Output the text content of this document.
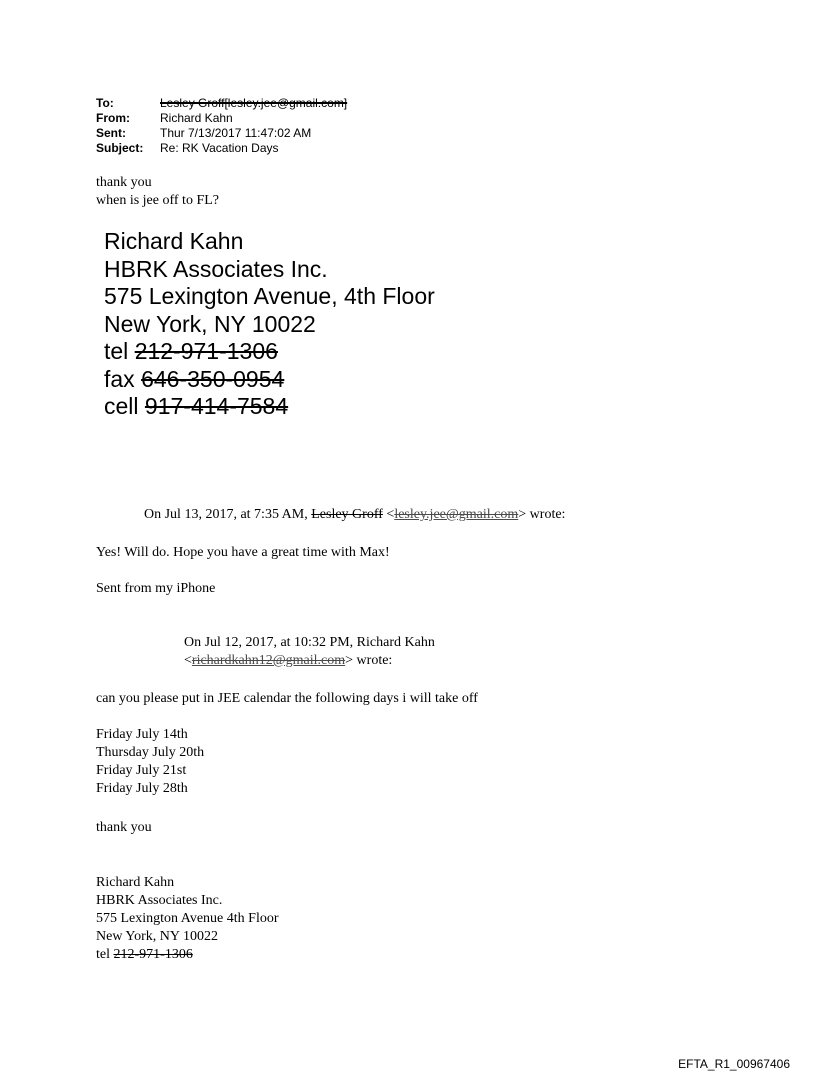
To:	Lesley Groff[lesley.jee@gmail.com]
From:	Richard Kahn
Sent:	Thur 7/13/2017 11:47:02 AM
Subject:	Re: RK Vacation Days
thank you
when is jee off to FL?
Richard Kahn
HBRK Associates Inc.
575 Lexington Avenue, 4th Floor
New York, NY 10022
tel 212-971-1306
fax 646-350-0954
cell 917-414-7584
On Jul 13, 2017, at 7:35 AM, Lesley Groff <lesley.jee@gmail.com> wrote:
Yes! Will do. Hope you have a great time with Max!
Sent from my iPhone
On Jul 12, 2017, at 10:32 PM, Richard Kahn
<richardkahn12@gmail.com> wrote:
can you please put in JEE calendar the following days i will take off
Friday July 14th
Thursday July 20th
Friday July 21st
Friday July 28th
thank you
Richard Kahn
HBRK Associates Inc.
575 Lexington Avenue 4th Floor
New York, NY 10022
tel 212-971-1306
EFTA_R1_00967406
